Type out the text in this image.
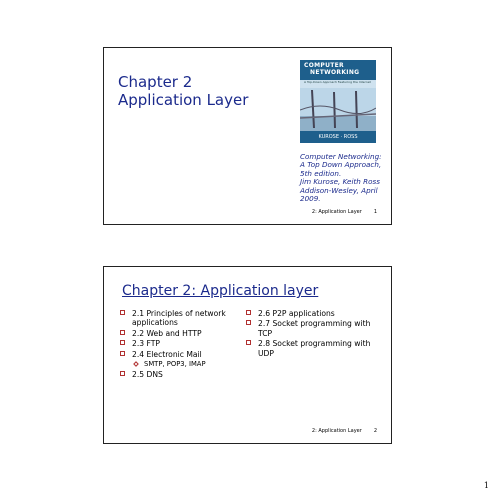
Chapter 2
Application Layer
COMPUTER
NETWORKING
A Top-Down Approach Featuring the Internet
KUROSE · ROSS
Computer Networking:
A Top Down Approach,
5th edition.
Jim Kurose, Keith Ross
Addison-Wesley, April
2009.
2: Application Layer 1
Chapter 2: Application layer
2.1 Principles of network applications
2.2 Web and HTTP
2.3 FTP
2.4 Electronic Mail
SMTP, POP3, IMAP
2.5 DNS
2.6 P2P applications
2.7 Socket programming with TCP
2.8 Socket programming with UDP
2: Application Layer 2
1
